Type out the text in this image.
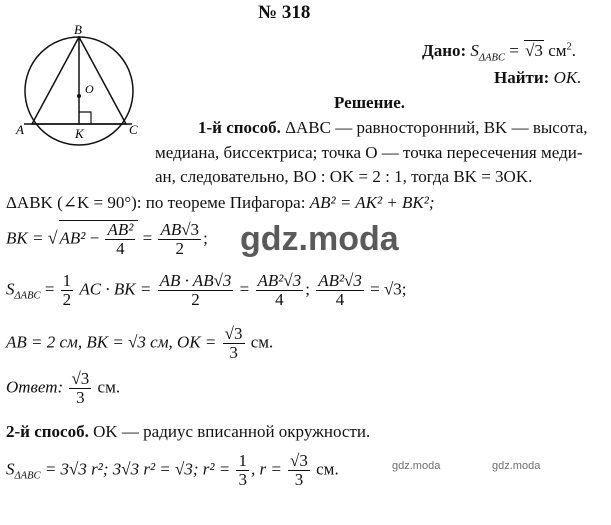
№ 318
B
O
A	K	C
Дано: $S_{\Delta ABC} = √3$ $см^2$.
Найти: OK.
Решение.
1-й способ. ΔABC — равносторонний, BK — высота,
медиана, биссектриса; точка O — точка пересечения меди-
ан, следовательно, BO : OK = 2 : 1, тогда BK = 3OK.
ΔABK (∠K = 90°): по теореме Пифагора: AB² = AK² + BK²;
BK = √ $AB^2 - \frac{\text{AB²}}{4} = \frac{AB√3}{2}$ ; gdz.moda
$S_{\Delta ABC} = \frac{1}{2}$ AC · BK = $\frac{AB \cdot AB√3}{2} = \frac{\text{AB²√3}}{4}$ ; $\frac{\text{AB²√3}}{4} = √3$;
AB = 2 см, BK = √3 см, OK = $\frac{√3}{3}$ см.
Ответ: $\frac{√3}{3}$ см.
2-й способ. OK — радиус вписанной окружности.
$S_{\Delta ABC} = 3√3$ r²; 3√3 r² = √3; $r^2 = \frac{1}{3}$ , $r = \frac{√3}{3}$ см.	gdz.moda	gdz.moda
